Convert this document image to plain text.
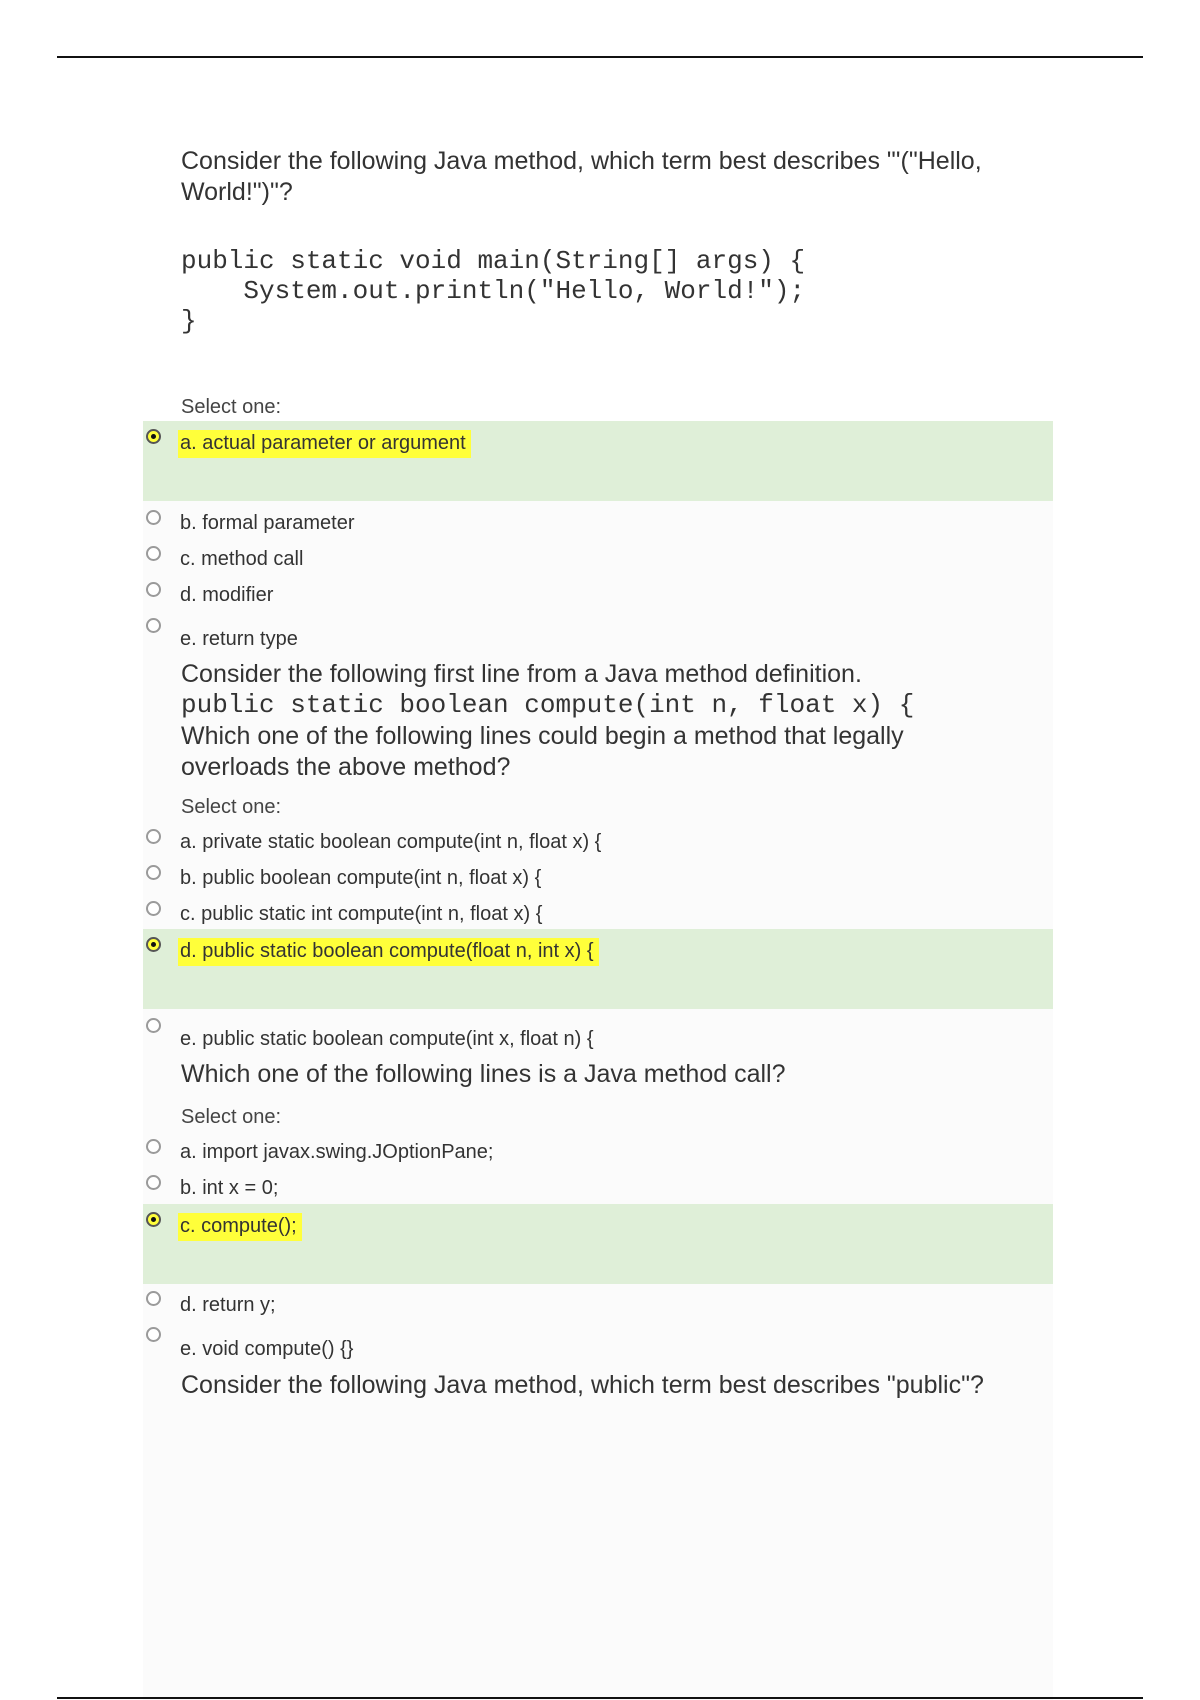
Consider the following Java method, which term best describes "'("Hello,
World!")"?
public static void main(String[] args) {
System.out.println("Hello, World!");
}
Select one:
a. actual parameter or argument
b. formal parameter
c. method call
d. modifier
e. return type
Consider the following first line from a Java method definition.
public static boolean compute(int n, float x) {
Which one of the following lines could begin a method that legally
overloads the above method?
Select one:
a. private static boolean compute(int n, float x) {
b. public boolean compute(int n, float x) {
c. public static int compute(int n, float x) {
d. public static boolean compute(float n, int x) {
e. public static boolean compute(int x, float n) {
Which one of the following lines is a Java method call?
Select one:
a. import javax.swing.JOptionPane;
b. int x = 0;
c. compute();
d. return y;
e. void compute() {}
Consider the following Java method, which term best describes "public"?
